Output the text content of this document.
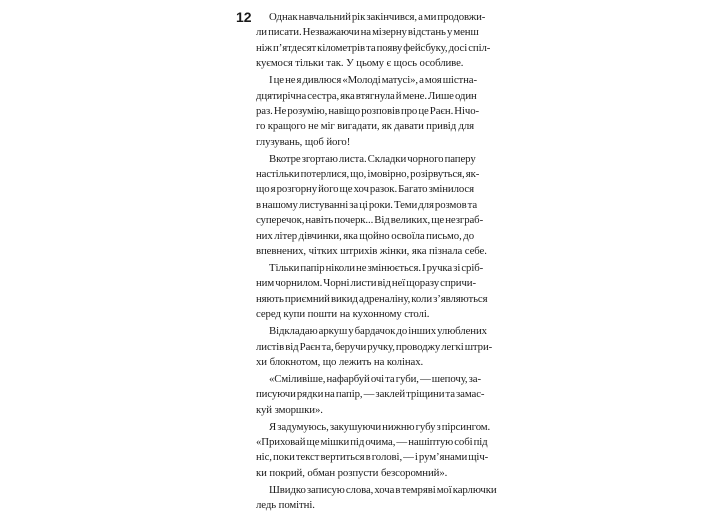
12	Однак навчальний рік закінчився, а ми продовжи-
ли писати. Незважаючи на мізерну відстань у менш
ніж п’ятдесят кілометрів та появу фейсбуку, досі спіл-
куємося тільки так. У цьому є щось особливе.

І це не я дивлюся «Молоді матусі», а моя шістна-
дцятирічна сестра, яка втягнула й мене. Лише один
раз. Не розумію, навіщо розповів про це Раєн. Нічо-
го кращого не міг вигадати, як давати привід для
глузувань, щоб його!

Вкотре згортаю листа. Складки чорного паперу
настільки потерлися, що, імовірно, розірвуться, як-
що я розгорну його ще хоч разок. Багато змінилося
в нашому листуванні за ці роки. Теми для розмов та
суперечок, навіть почерк... Від великих, ще незграб-
них літер дівчинки, яка щойно освоїла письмо, до
впевнених, чітких штрихів жінки, яка пізнала себе.

Тільки папір ніколи не змінюється. І ручка зі срiб-
ним чорнилом. Чорні листи від неї щоразу спричи-
няють приємний викид адреналіну, коли з’являються
серед купи пошти на кухонному столі.

Відкладаю аркуш у бардачок до інших улюблених
листів від Раєн та, беручи ручку, проводжу легкі штри-
хи блокнотом, що лежить на колінах.

«Сміливіше, нафарбуй очі та губи, — шепочу, за-
писуючи рядки на папір, — заклей тріщини та замас-
куй зморшки».

Я задумуюсь, закушуючи нижню губу з пірсингом.
«Приховай ще мішки під очима, — нашіптую собі під
ніс, поки текст вертиться в голові, — і рум’янами щіч-
ки покрий, обман розпусти безсоромний».

Швидко записую слова, хоча в темряві мої карлючки
ледь помітні.
